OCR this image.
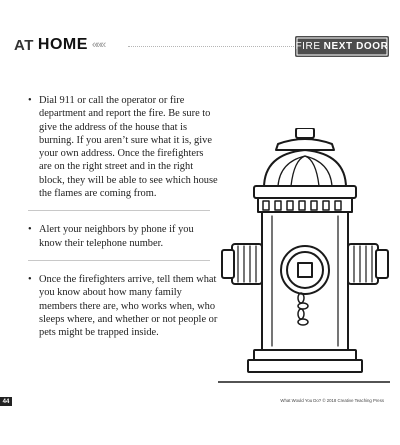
AT HOME «««	FIRE NEXT DOOR
• Dial 911 or call the operator or fire department and report the fire. Be sure to give the address of the house that is burning. If you aren’t sure what it is, give your own address. Once the firefighters are on the right street and in the right block, they will be able to see which house the flames are coming from.
• Alert your neighbors by phone if you know their telephone number.
• Once the firefighters arrive, tell them what you know about how many family members there are, who works when, who sleeps where, and whether or not people or pets might be trapped inside.
44	What Would You Do? © 2018 Creative Teaching Press
